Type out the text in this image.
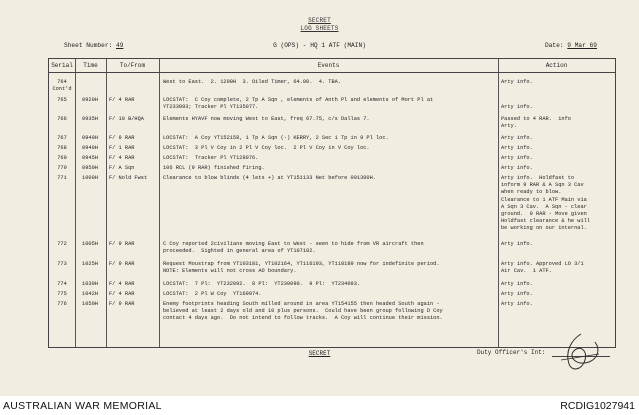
SECRET
LOG SHEETS
Sheet Number: 49	G (OPS) - HQ 1 ATF (MAIN)	Date: 9 Mar 69
Serial	Time	To/From	Events	Action
764
Cont'd
West to East.  2. 1200H  3. Oiled Timer, 64.00.  4. TBA.	Arty info.
765	0920H	F/ 4 RAR	LOCSTAT:  C Coy complete, 2 Tp A Sqn , elements of Anth Pl and elements of Mort Pl at
YT233093; Tracker Pl YT135077.	Arty info.
766	0935H	F/ 10 B/HQA	Elements HYAVF now moving West to East, freq 67.75, c/s Dallas 7.	Passed to 4 RAR.  info
Arty.
767	0940H	F/ 9 RAR	LOCSTAT:  A Coy YT152158, 1 Tp A Sqn (-) KERRY, 2 Sec 1 Tp in 9 Pl loc.	Arty info.
768	0940H	F/ 1 RAR	LOCSTAT:  3 Pl V Coy in 2 Pl V Coy loc.  2 Pl V Coy in V Coy loc.	Arty info.
769	0945H	F/ 4 RAR	LOCSTAT:  Tracker Pl YT128076.	Arty info.
770	0950H	F/ A Sqn	106 RCL (9 RAR) finished firing.	Arty info.
771	1000H	F/ Nold Fwst	Clearance to blow blinds (4 lets +) at YT151133 Net before 091300H.	Arty info.  Holdfast to
inform 9 RAR & A Sqn 3 Cav
when ready to blow.
Clearance to 1 ATF Main via
A Sqn 3 Cav.  A Sqn - clear
ground.  9 RAR - Move given
Holdfast clearance & he will
be working on our internal.
772	1005H	F/ 9 RAR	C Coy reported 2civilians moving East to West - seen to hide from VR aircraft then
proceeded.  Sighted in general area of YT107182.
Arty info.
773	1025H	F/ 9 RAR	Request Moustrap from YT103181, YT102164, YT116193, YT118189 now for indefinite period.
NOTE: Elements will not cross AO boundary.
Arty info. Approved LO 3/1
Air Cav.  1 ATF.
774	1030H	F/ 4 RAR	LOCSTAT:  7 Pl:  YT232092.  8 Pl:  YT230090.  9 Pl:  YT234093.	Arty info.
775	1042H	F/ 4 RAR	LOCSTAT:  2 Pl W Coy  YT169074.	Arty info.
776	1050H	F/ 9 RAR	Enemy footprints heading South milled around in area YT154155 then headed South again -
believed at least 2 days old and 10 plus persons.  Could have been group following D Coy
contact 4 days ago.  Do not intend to follow tracks.  A Coy will continue their mission.
Arty info.
SECRET	Duty Officer's Int:
AUSTRALIAN WAR MEMORIAL	RCDIG1027941
